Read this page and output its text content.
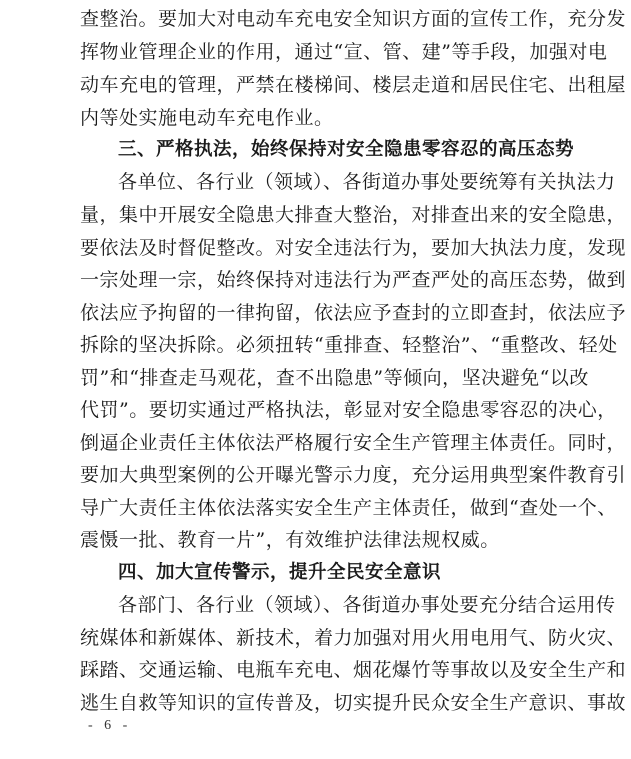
查整治。要加大对电动车充电安全知识方面的宣传工作，充分发
挥物业管理企业的作用，通过“宣、管、建”等手段，加强对电
动车充电的管理，严禁在楼梯间、楼层走道和居民住宅、出租屋
内等处实施电动车充电作业。
三、严格执法，始终保持对安全隐患零容忍的高压态势
各单位、各行业（领域）、各街道办事处要统筹有关执法力
量，集中开展安全隐患大排查大整治，对排查出来的安全隐患，
要依法及时督促整改。对安全违法行为，要加大执法力度，发现
一宗处理一宗，始终保持对违法行为严查严处的高压态势，做到
依法应予拘留的一律拘留，依法应予查封的立即查封，依法应予
拆除的坚决拆除。必须扭转“重排查、轻整治”、“重整改、轻处
罚”和“排查走马观花，查不出隐患”等倾向，坚决避免“以改
代罚”。要切实通过严格执法，彰显对安全隐患零容忍的决心，
倒逼企业责任主体依法严格履行安全生产管理主体责任。同时，
要加大典型案例的公开曝光警示力度，充分运用典型案件教育引
导广大责任主体依法落实安全生产主体责任，做到“查处一个、
震慑一批、教育一片”，有效维护法律法规权威。
四、加大宣传警示，提升全民安全意识
各部门、各行业（领域）、各街道办事处要充分结合运用传
统媒体和新媒体、新技术，着力加强对用火用电用气、防火灾、
踩踏、交通运输、电瓶车充电、烟花爆竹等事故以及安全生产和
逃生自救等知识的宣传普及，切实提升民众安全生产意识、事故
- 6 -
